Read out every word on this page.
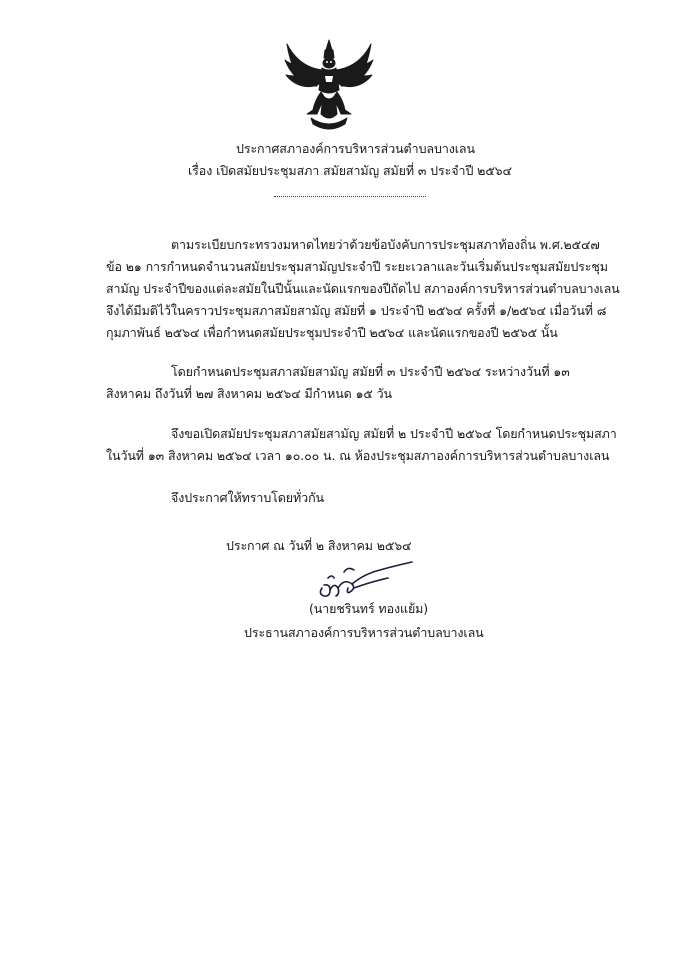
ประกาศสภาองค์การบริหารส่วนตำบลบางเลน
เรื่อง เปิดสมัยประชุมสภา สมัยสามัญ สมัยที่ ๓ ประจำปี ๒๕๖๔
ตามระเบียบกระทรวงมหาดไทยว่าด้วยข้อบังคับการประชุมสภาท้องถิ่น พ.ศ.๒๕๔๗
ข้อ ๒๑ การกำหนดจำนวนสมัยประชุมสามัญประจำปี ระยะเวลาและวันเริ่มต้นประชุมสมัยประชุม
สามัญ ประจำปีของแต่ละสมัยในปีนั้นและนัดแรกของปีถัดไป สภาองค์การบริหารส่วนตำบลบางเลน
จึงได้มีมติไว้ในคราวประชุมสภาสมัยสามัญ สมัยที่ ๑ ประจำปี ๒๕๖๔ ครั้งที่ ๑/๒๕๖๔ เมื่อวันที่ ๘
กุมภาพันธ์ ๒๕๖๔ เพื่อกำหนดสมัยประชุมประจำปี ๒๕๖๔ และนัดแรกของปี ๒๕๖๕ นั้น
โดยกำหนดประชุมสภาสมัยสามัญ สมัยที่ ๓ ประจำปี ๒๕๖๔ ระหว่างวันที่ ๑๓
สิงหาคม ถึงวันที่ ๒๗ สิงหาคม ๒๕๖๔ มีกำหนด ๑๕ วัน
จึงขอเปิดสมัยประชุมสภาสมัยสามัญ สมัยที่ ๒ ประจำปี ๒๕๖๔ โดยกำหนดประชุมสภา
ในวันที่ ๑๓ สิงหาคม ๒๕๖๔ เวลา ๑๐.๐๐ น. ณ ห้องประชุมสภาองค์การบริหารส่วนตำบลบางเลน
จึงประกาศให้ทราบโดยทั่วกัน
ประกาศ ณ วันที่ ๒ สิงหาคม ๒๕๖๔
(นายชรินทร์ ทองแย้ม)
ประธานสภาองค์การบริหารส่วนตำบลบางเลน
